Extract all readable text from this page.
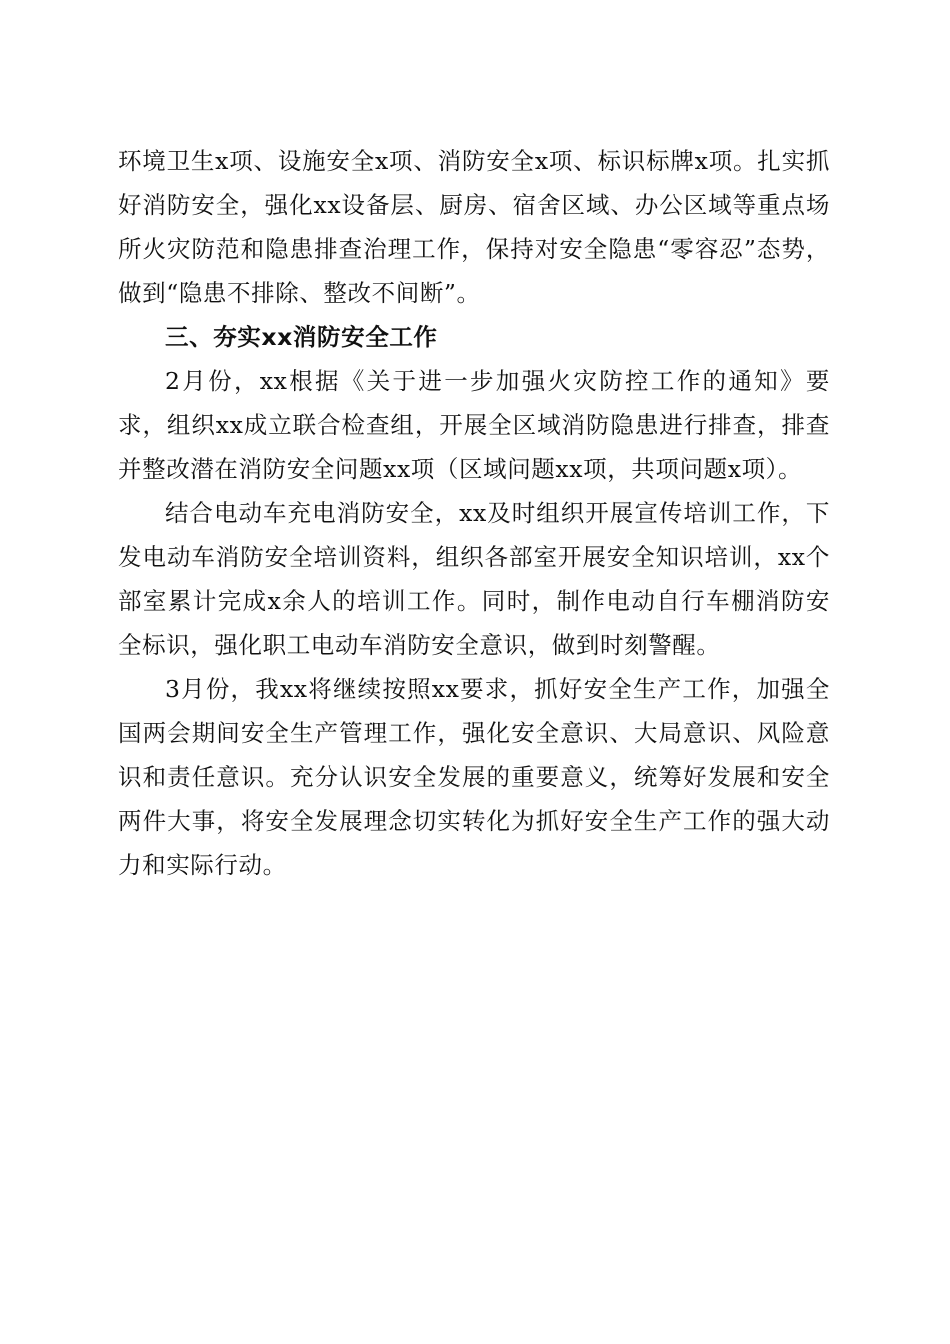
环境卫生x项、设施安全x项、消防安全x项、标识标牌x项。扎实抓好消防安全，强化xx设备层、厨房、宿舍区域、办公区域等重点场所火灾防范和隐患排查治理工作，保持对安全隐患“零容忍”态势，做到“隐患不排除、整改不间断”。

三、夯实xx消防安全工作

2月份，xx根据《关于进一步加强火灾防控工作的通知》要求，组织xx成立联合检查组，开展全区域消防隐患进行排查，排查并整改潜在消防安全问题xx项（区域问题xx项，共项问题x项）。

结合电动车充电消防安全，xx及时组织开展宣传培训工作，下发电动车消防安全培训资料，组织各部室开展安全知识培训，xx个部室累计完成x余人的培训工作。同时，制作电动自行车棚消防安全标识，强化职工电动车消防安全意识，做到时刻警醒。

3月份，我xx将继续按照xx要求，抓好安全生产工作，加强全国两会期间安全生产管理工作，强化安全意识、大局意识、风险意识和责任意识。充分认识安全发展的重要意义，统筹好发展和安全两件大事，将安全发展理念切实转化为抓好安全生产工作的强大动力和实际行动。
